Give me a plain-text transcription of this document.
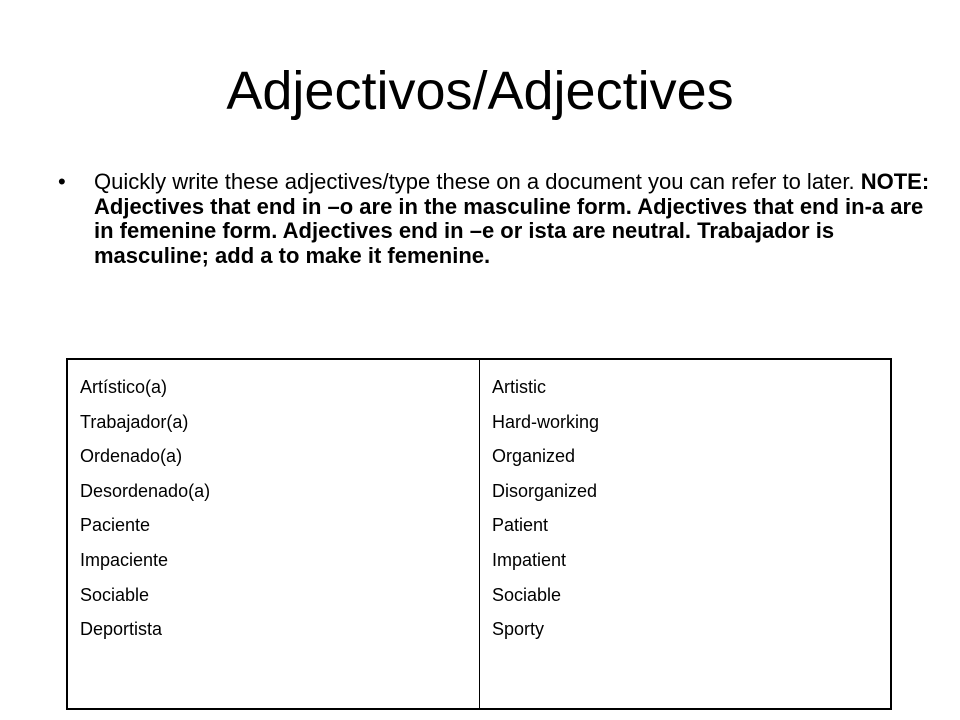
Adjectivos/Adjectives
•	Quickly write these adjectives/type these on a document you can refer to later. NOTE: Adjectives that end in –o are in the masculine form. Adjectives that end in-a are in femenine form. Adjectives end in –e or ista are neutral. Trabajador is masculine; add a to make it femenine.
Artístico(a)
Trabajador(a)
Ordenado(a)
Desordenado(a)
Paciente
Impaciente
Sociable
Deportista
Artistic
Hard-working
Organized
Disorganized
Patient
Impatient
Sociable
Sporty
